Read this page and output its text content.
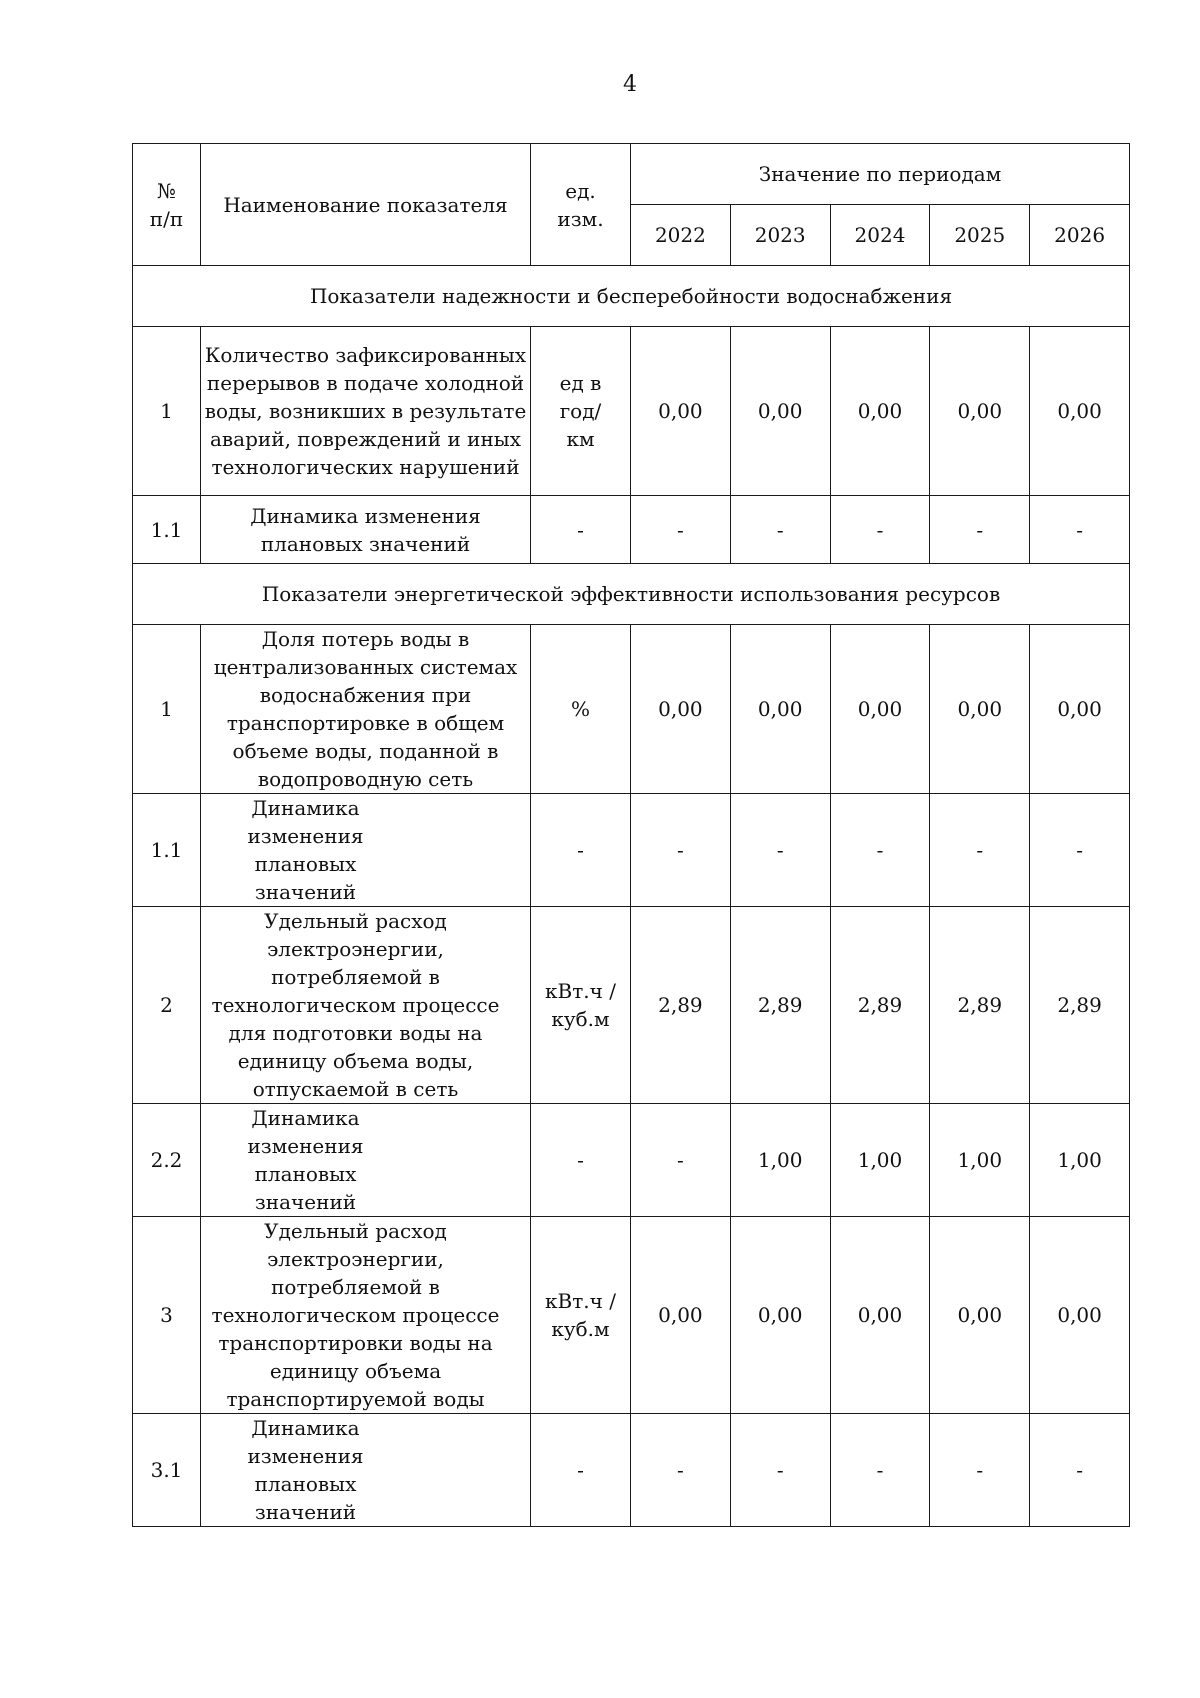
4
№ п/п	Наименование показателя	ед. изм.	Значение по периодам				
			2022	2023	2024	2025	2026
Показатели надежности и бесперебойности водоснабжения							
1	Количество зафиксированных перерывов в подаче холодной воды, возникших в результате аварий, повреждений и иных технологических нарушений	ед в год/ км	0,00	0,00	0,00	0,00	0,00
1.1	Динамика изменения плановых значений	-	-	-	-	-	-
Показатели энергетической эффективности использования ресурсов							
1	Доля потерь воды в централизованных системах водоснабжения при транспортировке в общем объеме воды, поданной в водопроводную сеть	%	0,00	0,00	0,00	0,00	0,00
1.1	Динамика изменения плановых значений	-	-	-	-	-	-
2	Удельный расход электроэнергии, потребляемой в технологическом процессе для подготовки воды на единицу объема воды, отпускаемой в сеть	кВт.ч / куб.м	2,89	2,89	2,89	2,89	2,89
2.2	Динамика изменения плановых значений	-	-	1,00	1,00	1,00	1,00
3	Удельный расход электроэнергии, потребляемой в технологическом процессе транспортировки воды на единицу объема транспортируемой воды	кВт.ч / куб.м	0,00	0,00	0,00	0,00	0,00
3.1	Динамика изменения плановых значений	-	-	-	-	-	-
